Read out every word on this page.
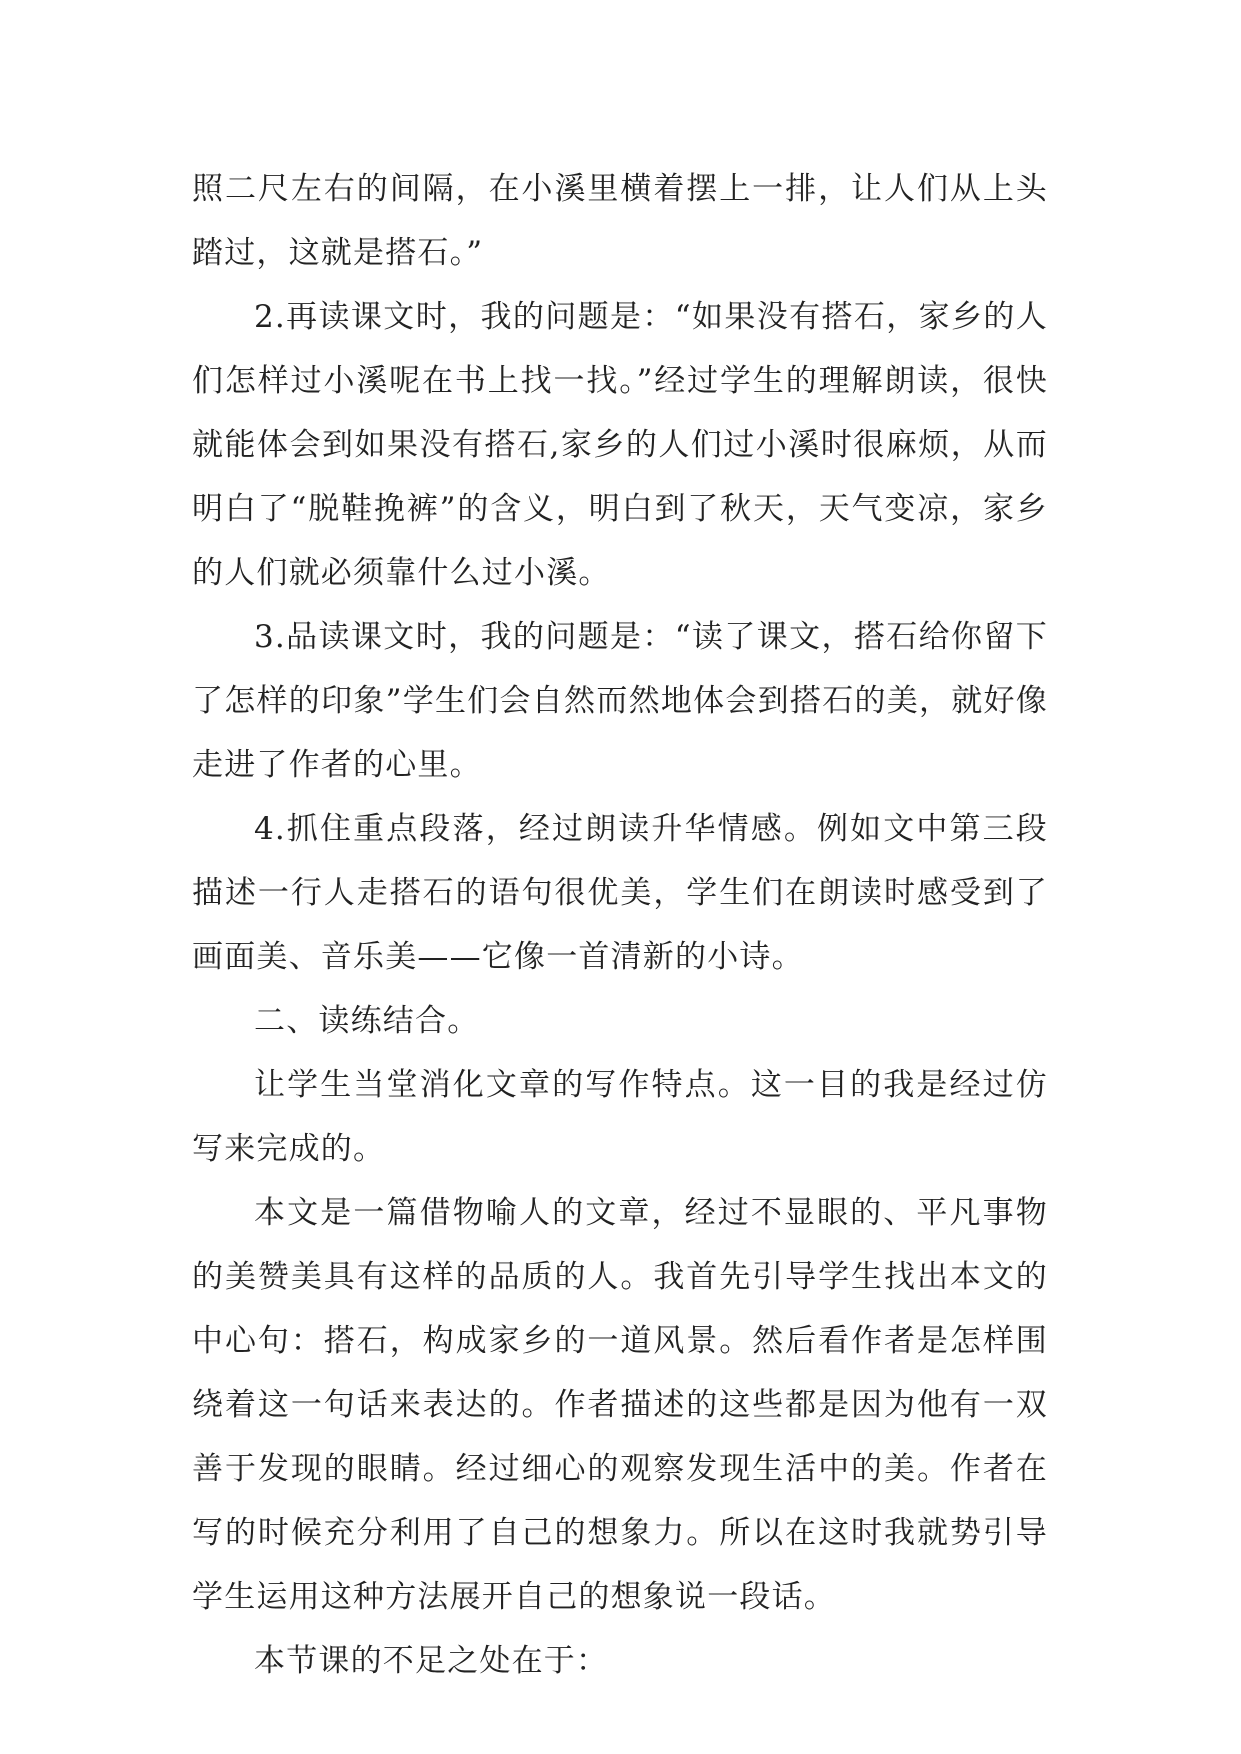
照二尺左右的间隔，在小溪里横着摆上一排，让人们从上头踏过，这就是搭石。”

2.再读课文时，我的问题是：“如果没有搭石，家乡的人们怎样过小溪呢在书上找一找。”经过学生的理解朗读，很快就能体会到如果没有搭石,家乡的人们过小溪时很麻烦，从而明白了“脱鞋挽裤”的含义，明白到了秋天，天气变凉，家乡的人们就必须靠什么过小溪。

3.品读课文时，我的问题是：“读了课文，搭石给你留下了怎样的印象”学生们会自然而然地体会到搭石的美，就好像走进了作者的心里。

4.抓住重点段落，经过朗读升华情感。例如文中第三段描述一行人走搭石的语句很优美，学生们在朗读时感受到了画面美、音乐美——它像一首清新的小诗。

二、读练结合。

让学生当堂消化文章的写作特点。这一目的我是经过仿写来完成的。

本文是一篇借物喻人的文章，经过不显眼的、平凡事物的美赞美具有这样的品质的人。我首先引导学生找出本文的中心句：搭石，构成家乡的一道风景。然后看作者是怎样围绕着这一句话来表达的。作者描述的这些都是因为他有一双善于发现的眼睛。经过细心的观察发现生活中的美。作者在写的时候充分利用了自己的想象力。所以在这时我就势引导学生运用这种方法展开自己的想象说一段话。

本节课的不足之处在于：
